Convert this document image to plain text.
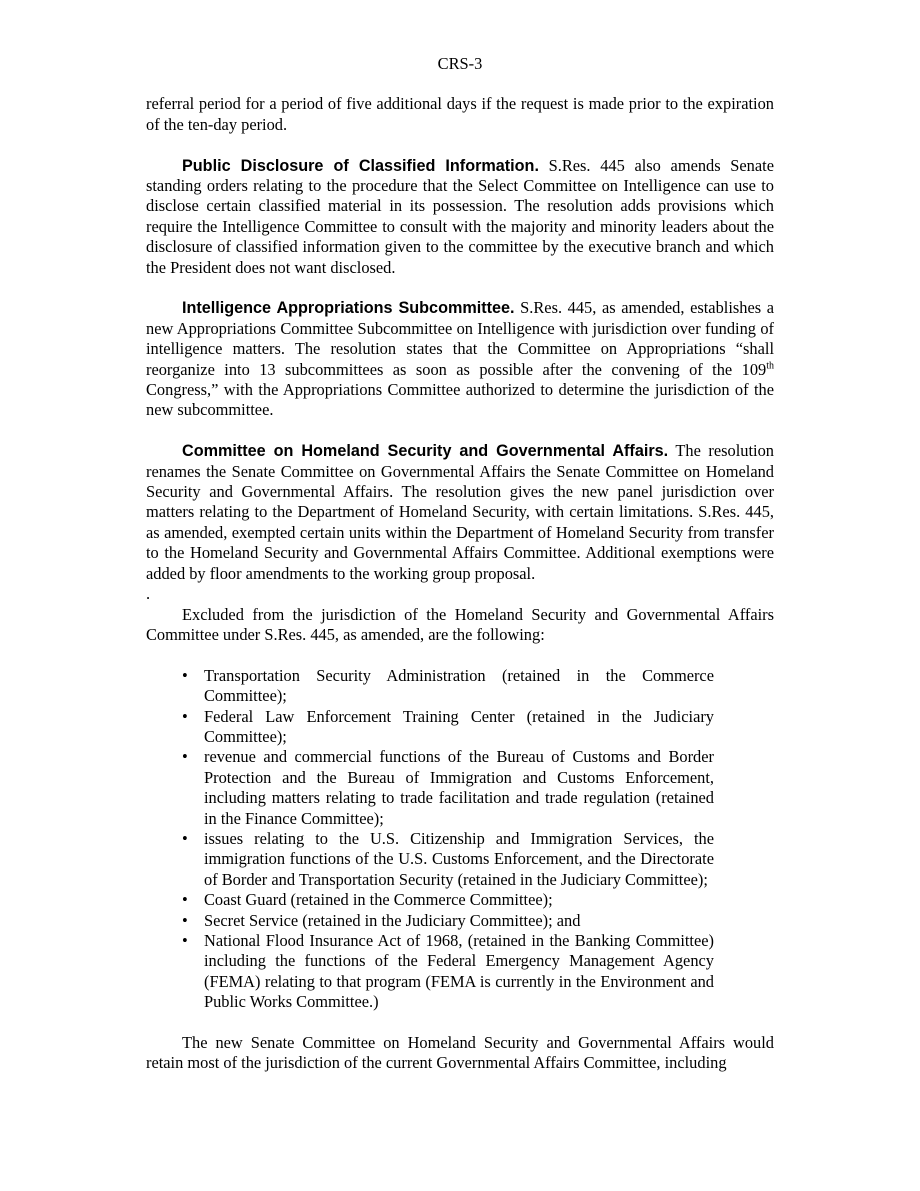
CRS-3

referral period for a period of five additional days if the request is made prior to the expiration of the ten-day period.

Public Disclosure of Classified Information. S.Res. 445 also amends Senate standing orders relating to the procedure that the Select Committee on Intelligence can use to disclose certain classified material in its possession. The resolution adds provisions which require the Intelligence Committee to consult with the majority and minority leaders about the disclosure of classified information given to the committee by the executive branch and which the President does not want disclosed.

Intelligence Appropriations Subcommittee. S.Res. 445, as amended, establishes a new Appropriations Committee Subcommittee on Intelligence with jurisdiction over funding of intelligence matters. The resolution states that the Committee on Appropriations “shall reorganize into 13 subcommittees as soon as possible after the convening of the 109th Congress,” with the Appropriations Committee authorized to determine the jurisdiction of the new subcommittee.

Committee on Homeland Security and Governmental Affairs. The resolution renames the Senate Committee on Governmental Affairs the Senate Committee on Homeland Security and Governmental Affairs. The resolution gives the new panel jurisdiction over matters relating to the Department of Homeland Security, with certain limitations. S.Res. 445, as amended, exempted certain units within the Department of Homeland Security from transfer to the Homeland Security and Governmental Affairs Committee. Additional exemptions were added by floor amendments to the working group proposal.

.

Excluded from the jurisdiction of the Homeland Security and Governmental Affairs Committee under S.Res. 445, as amended, are the following:

• Transportation Security Administration (retained in the Commerce Committee);
• Federal Law Enforcement Training Center (retained in the Judiciary Committee);
• revenue and commercial functions of the Bureau of Customs and Border Protection and the Bureau of Immigration and Customs Enforcement, including matters relating to trade facilitation and trade regulation (retained in the Finance Committee);
• issues relating to the U.S. Citizenship and Immigration Services, the immigration functions of the U.S. Customs Enforcement, and the Directorate of Border and Transportation Security (retained in the Judiciary Committee);
• Coast Guard (retained in the Commerce Committee);
• Secret Service (retained in the Judiciary Committee); and
• National Flood Insurance Act of 1968, (retained in the Banking Committee) including the functions of the Federal Emergency Management Agency (FEMA) relating to that program (FEMA is currently in the Environment and Public Works Committee.)

The new Senate Committee on Homeland Security and Governmental Affairs would retain most of the jurisdiction of the current Governmental Affairs Committee, including
